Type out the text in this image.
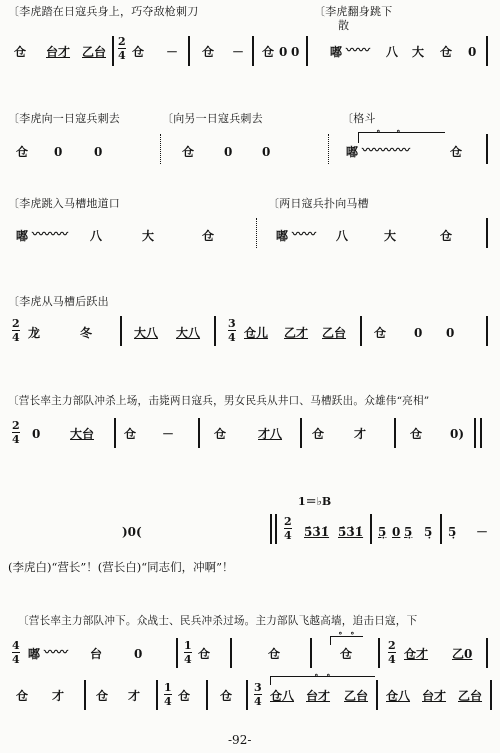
〔李虎踏在日寇兵身上，巧夺敌枪刺刀	〔李虎翻身跳下
散
仓 台才 乙台
2
4 仓 － 仓 － 仓 0 0	嘟 〰〰 八 大 仓 0
〔李虎向一日寇兵刺去	〔向另一日寇兵刺去	〔格斗
仓 0	0	仓 0 0	嘟
∘ ∘
〰〰〰〰	仓
〔李虎跳入马槽地道口	〔两日寇兵扑向马槽
嘟 〰〰〰 八	大	仓	嘟 〰〰 八	大	仓
〔李虎从马槽后跃出
2
4 龙	冬	大八 大八
3
4 仓儿 乙才 乙台 仓 0 0
〔营长率主力部队冲杀上场，击毙两日寇兵，男女民兵从井口、马槽跃出。众雄伟“亮相”
2
4 0 大台 仓 －	仓	才八 仓 才	仓 0)
1＝♭B
)0(
2
4 5̇3̇1̇ 5̇3̇1̇ 5̣ 0 5̣ 5̣ 5̣ －
(李虎白)“营长”！(营长白)“同志们，冲啊”！
〔营长率主力部队冲下。众战士、民兵冲杀过场。主力部队飞越高墙，追击日寇，下
4
4 嘟 〰〰 台	0
1
4 仓	仓
∘ ∘
仓
2
4 仓才 乙0
仓 才	仓 才
1
4 仓 仓
3
4
∘ ∘
仓八 台才 乙台 仓八 台才 乙台
-92-
